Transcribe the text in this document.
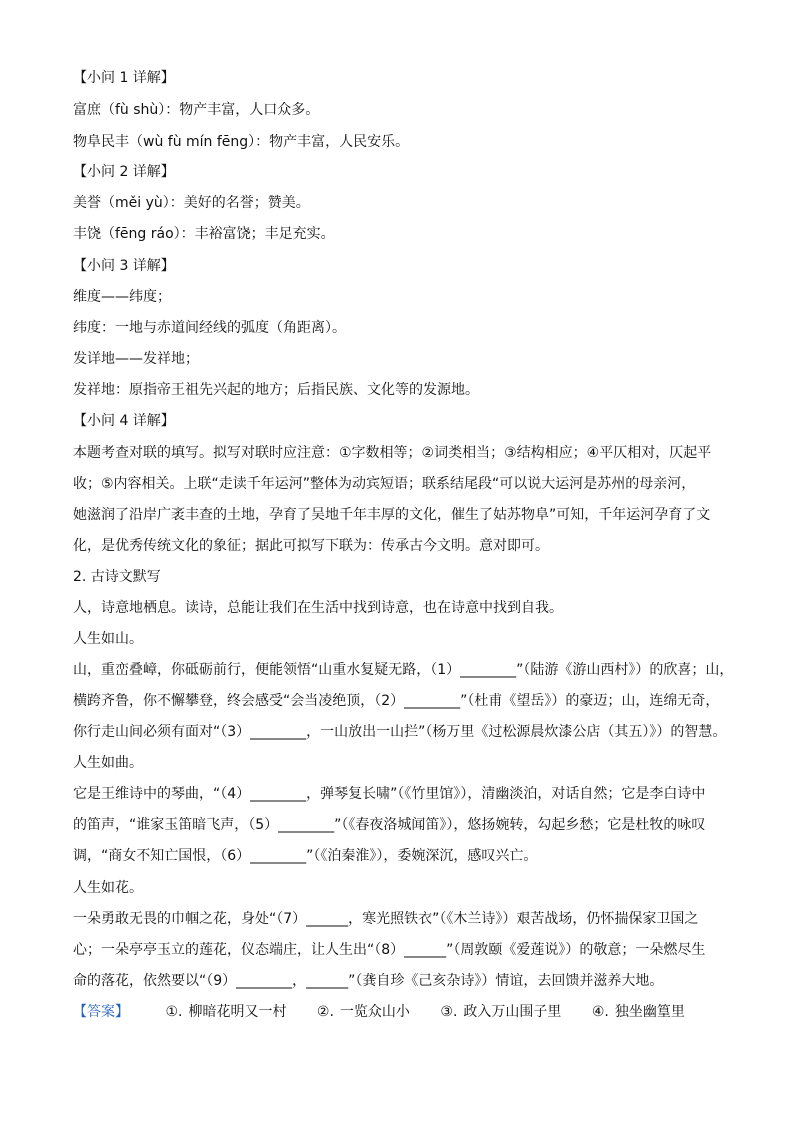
【小问 1 详解】
富庶（fù shù）：物产丰富，人口众多。
物阜民丰（wù fù mín fēng）：物产丰富，人民安乐。
【小问 2 详解】
美誉（měi yù）：美好的名誉；赞美。
丰饶（fēng ráo）：丰裕富饶；丰足充实。
【小问 3 详解】
维度——纬度；
纬度：一地与赤道间经线的弧度（角距离）。
发详地——发祥地；
发祥地：原指帝王祖先兴起的地方；后指民族、文化等的发源地。
【小问 4 详解】
本题考查对联的填写。拟写对联时应注意：①字数相等；②词类相当；③结构相应；④平仄相对，仄起平
收；⑤内容相关。上联“走读千年运河”整体为动宾短语；联系结尾段“可以说大运河是苏州的母亲河，
她滋润了沿岸广袤丰查的土地，孕育了吴地千年丰厚的文化，催生了姑苏物阜”可知，千年运河孕育了文
化，是优秀传统文化的象征；据此可拟写下联为：传承古今文明。意对即可。
2. 古诗文默写
人，诗意地栖息。读诗，总能让我们在生活中找到诗意，也在诗意中找到自我。
人生如山。
山，重峦叠嶂，你砥砺前行，便能领悟“山重水复疑无路，（1）________”（陆游《游山西村》）的欣喜；山，
横跨齐鲁，你不懈攀登，终会感受“会当凌绝顶，（2）________”（杜甫《望岳》）的豪迈；山，连绵无奇，
你行走山间必须有面对“（3）________，一山放出一山拦”（杨万里《过松源晨炊漆公店（其五）》）的智慧。
人生如曲。
它是王维诗中的琴曲，“（4）________，弹琴复长啸”（《竹里馆》），清幽淡泊，对话自然；它是李白诗中
的笛声，“谁家玉笛暗飞声，（5）________”（《春夜洛城闻笛》），悠扬婉转，勾起乡愁；它是杜牧的咏叹
调，“商女不知亡国恨，（6）________”（《泊秦淮》），委婉深沉，感叹兴亡。
人生如花。
一朵勇敢无畏的巾帼之花，身处“（7）______，寒光照铁衣”（《木兰诗》）艰苦战场，仍怀揣保家卫国之
心；一朵亭亭玉立的莲花，仪态端庄，让人生出“（8）______”（周敦颐《爱莲说》）的敬意；一朵燃尽生
命的落花，依然要以“（9）________，______”（龚自珍《己亥杂诗》）情谊，去回馈并滋养大地。
【答案】	①. 柳暗花明又一村 ②. 一览众山小 ③. 政入万山围子里 ④. 独坐幽篁里
